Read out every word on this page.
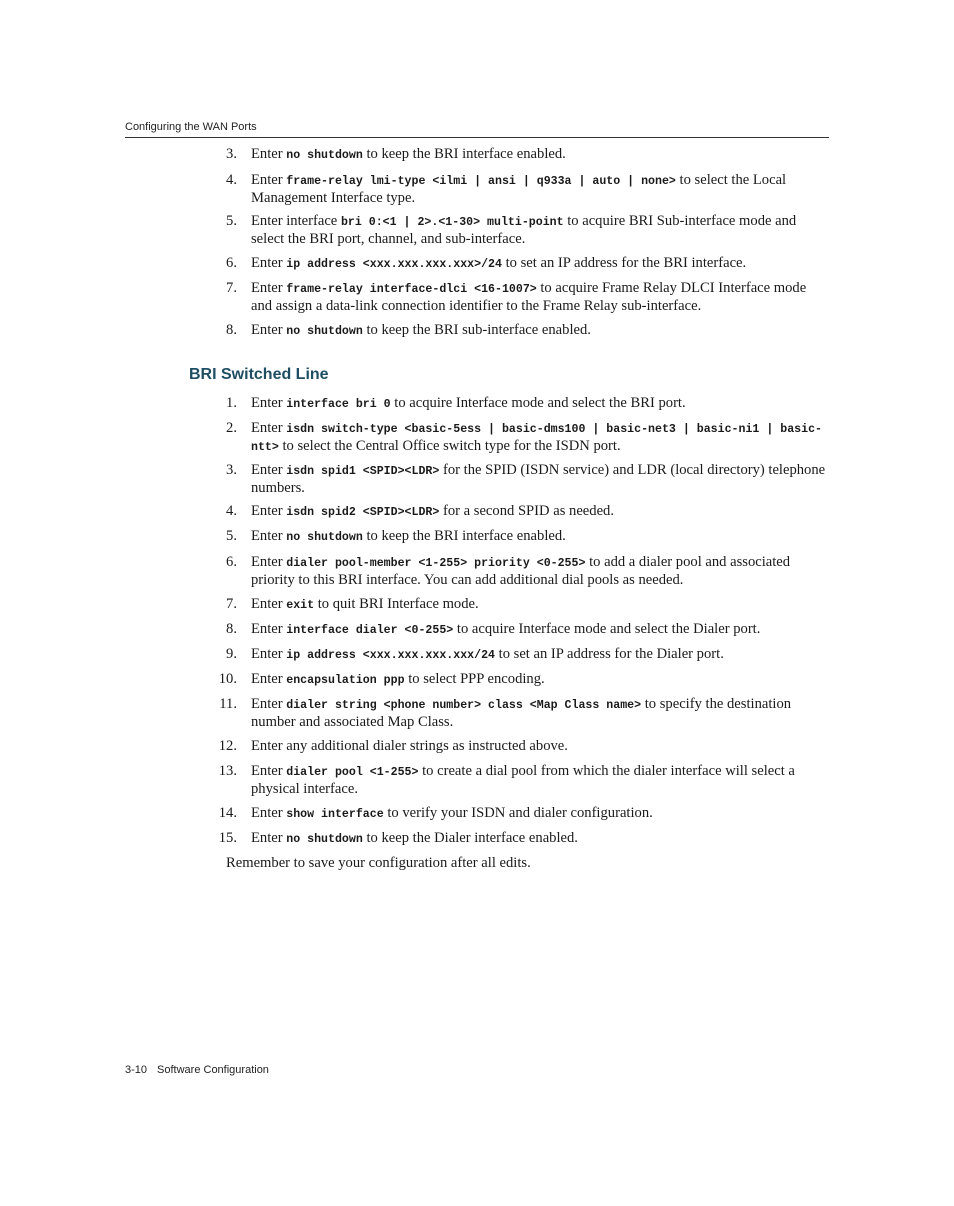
Configuring the WAN Ports
3. Enter no shutdown to keep the BRI interface enabled.
4. Enter frame-relay lmi-type <ilmi | ansi | q933a | auto | none> to select the Local Management Interface type.
5. Enter interface bri 0:<1 | 2>.<1-30> multi-point to acquire BRI Sub-interface mode and select the BRI port, channel, and sub-interface.
6. Enter ip address <xxx.xxx.xxx.xxx>/24 to set an IP address for the BRI interface.
7. Enter frame-relay interface-dlci <16-1007> to acquire Frame Relay DLCI Interface mode and assign a data-link connection identifier to the Frame Relay sub-interface.
8. Enter no shutdown to keep the BRI sub-interface enabled.
BRI Switched Line
1. Enter interface bri 0 to acquire Interface mode and select the BRI port.
2. Enter isdn switch-type <basic-5ess | basic-dms100 | basic-net3 | basic-ni1 | basic-ntt> to select the Central Office switch type for the ISDN port.
3. Enter isdn spid1 <SPID><LDR> for the SPID (ISDN service) and LDR (local directory) telephone numbers.
4. Enter isdn spid2 <SPID><LDR> for a second SPID as needed.
5. Enter no shutdown to keep the BRI interface enabled.
6. Enter dialer pool-member <1-255> priority <0-255> to add a dialer pool and associated priority to this BRI interface. You can add additional dial pools as needed.
7. Enter exit to quit BRI Interface mode.
8. Enter interface dialer <0-255> to acquire Interface mode and select the Dialer port.
9. Enter ip address <xxx.xxx.xxx.xxx/24 to set an IP address for the Dialer port.
10. Enter encapsulation ppp to select PPP encoding.
11. Enter dialer string <phone number> class <Map Class name> to specify the destination number and associated Map Class.
12. Enter any additional dialer strings as instructed above.
13. Enter dialer pool <1-255> to create a dial pool from which the dialer interface will select a physical interface.
14. Enter show interface to verify your ISDN and dialer configuration.
15. Enter no shutdown to keep the Dialer interface enabled.

Remember to save your configuration after all edits.

3-10 Software Configuration
